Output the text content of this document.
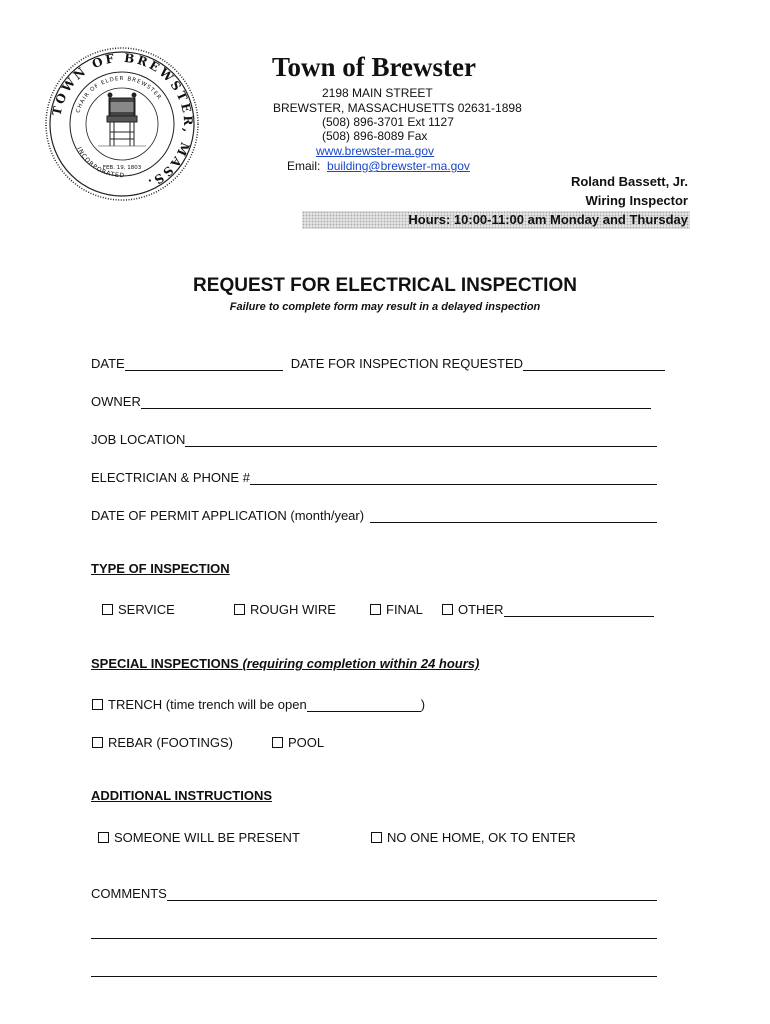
TOWN OF BREWSTER, MASS.
CHAIR OF ELDER BREWSTER
INCORPORATED
FEB. 19, 1803
Town of Brewster
2198 MAIN STREET
BREWSTER, MASSACHUSETTS 02631-1898
(508) 896-3701 Ext 1127
(508) 896-8089 Fax
www.brewster-ma.gov
Email: building@brewster-ma.gov
Roland Bassett, Jr.
Wiring Inspector
Hours: 10:00-11:00 am Monday and Thursday
REQUEST FOR ELECTRICAL INSPECTION
Failure to complete form may result in a delayed inspection
DATE	DATE FOR INSPECTION REQUESTED
OWNER
JOB LOCATION
ELECTRICIAN & PHONE #
DATE OF PERMIT APPLICATION (month/year)
TYPE OF INSPECTION
SERVICE	ROUGH WIRE	FINAL	OTHER
SPECIAL INSPECTIONS (requiring completion within 24 hours)
TRENCH (time trench will be open	)
REBAR (FOOTINGS)	POOL
ADDITIONAL INSTRUCTIONS
SOMEONE WILL BE PRESENT	NO ONE HOME, OK TO ENTER
COMMENTS
